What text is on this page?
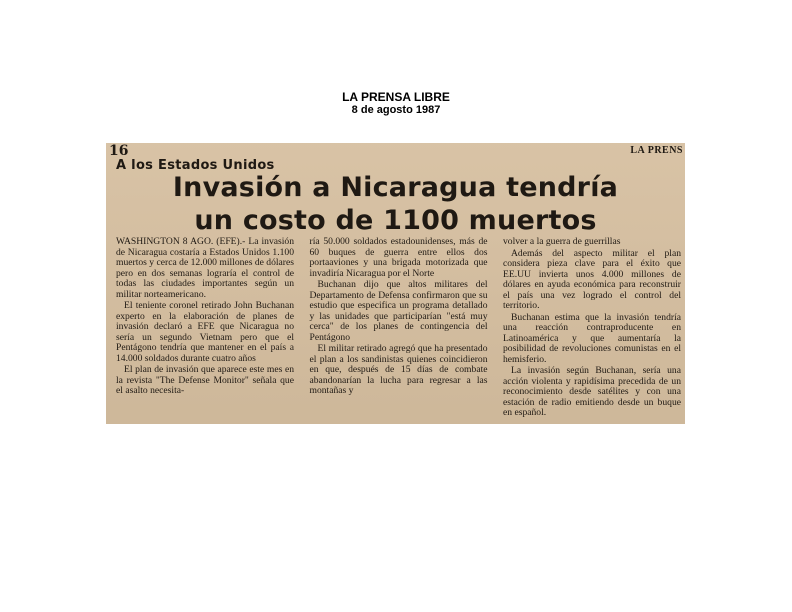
LA PRENSA LIBRE
8 de agosto 1987
16	LA PRENS
A los Estados Unidos
Invasión a Nicaragua tendría
un costo de 1100 muertos

WASHINGTON 8 AGO. (EFE).- La invasión de Nicaragua costaría a Estados Unidos 1.100 muertos y cerca de 12.000 millones de dólares pero en dos semanas lograría el control de todas las ciudades importantes según un militar norteamericano.

El teniente coronel retirado John Buchanan experto en la elaboración de planes de invasión declaró a EFE que Nicaragua no sería un segundo Vietnam pero que el Pentágono tendría que mantener en el país a 14.000 soldados durante cuatro años

El plan de invasión que aparece este mes en la revista "The Defense Monitor" señala que el asalto necesita-

ría 50.000 soldados estadounidenses, más de 60 buques de guerra entre ellos dos portaaviones y una brigada motorizada que invadiría Nicaragua por el Norte

Buchanan dijo que altos militares del Departamento de Defensa confirmaron que su estudio que especifica un programa detallado y las unidades que participarían "está muy cerca" de los planes de contingencia del Pentágono

El militar retirado agregó que ha presentado el plan a los sandinistas quienes coincidieron en que, después de 15 días de combate abandonarían la lucha para regresar a las montañas y

volver a la guerra de guerrillas

Además del aspecto militar el plan considera pieza clave para el éxito que EE.UU invierta unos 4.000 millones de dólares en ayuda económica para reconstruir el país una vez logrado el control del territorio.

Buchanan estima que la invasión tendría una reacción contraproducente en Latinoamérica y que aumentaría la posibilidad de revoluciones comunistas en el hemisferio.

La invasión según Buchanan, sería una acción violenta y rapidísima precedida de un reconocimiento desde satélites y con una estación de radio emitiendo desde un buque en español.
